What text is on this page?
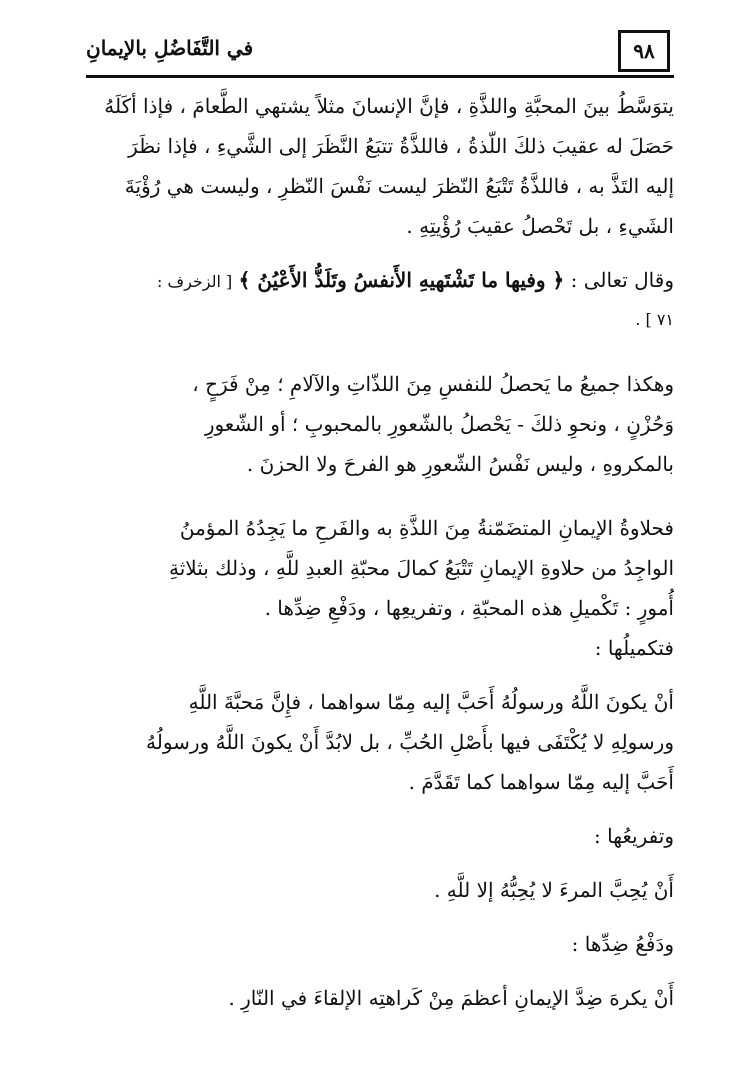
٩٨
في التَّفَاضُلِ بالإيمانِ
يتوَسَّطُ بينَ المحبَّةِ واللذَّةِ ، فإنَّ الإنسانَ مثلاً يشتهي الطَّعامَ ، فإذا أكَلَهُ
حَصَلَ له عقيبَ ذلكَ اللّذةُ ، فاللذَّةُ تتبَعُ النَّظَرَ إلى الشَّيءِ ، فإذا نظَرَ
إليه التَذَّ به ، فاللذَّةُ تَتْبَعُ النّظرَ ليست نَفْسَ النّظرِ ، وليست هي رُؤْيَةَ
الشَيءِ ، بل تَحْصلُ عقيبَ رُؤْيتِهِ .
وقال تعالى : ﴿ وفيها ما تَشْتَهيهِ الأَنفسُ وتَلَذُّ الأَعْيُنُ ﴾ [ الزخرف :
٧١ ] .
وهكذا جميعُ ما يَحصلُ للنفسِ مِنَ اللذّاتِ والآلامِ ؛ مِنْ فَرَحٍ ،
وَحُزْنٍ ، ونحوِ ذلكَ - يَحْصلُ بالشّعورِ بالمحبوبِ ؛ أو الشّعورِ
بالمكروهِ ، وليس نَفْسُ الشّعورِ هو الفرحَ ولا الحزنَ .
فحلاوةُ الإيمانِ المتضَمّنةُ مِنَ اللذَّةِ به والفَرحِ ما يَجِدُهُ المؤمنُ
الواجِدُ من حلاوةِ الإيمانِ تَتْبَعُ كمالَ محبّةِ العبدِ للَّهِ ، وذلك بثلاثةِ
أُمورٍ : تَكْميلِ هذه المحبّةِ ، وتفريعِها ، ودَفْعِ ضِدِّها .
فتكميلُها :
أنْ يكونَ اللَّهُ ورسولُهُ أَحَبَّ إليه مِمّا سواهما ، فإِنَّ مَحبَّةَ اللَّهِ
ورسولِهِ لا يُكْتَفَى فيها بأَصْلِ الحُبِّ ، بل لابُدَّ أَنْ يكونَ اللَّهُ ورسولُهُ
أَحَبَّ إليه مِمّا سواهما كما تَقَدَّمَ .
وتفريعُها :
أَنْ يُحِبَّ المرءَ لا يُحِبُّهُ إلا للَّهِ .
ودَفْعُ ضِدِّها :
أَنْ يكرهَ ضِدَّ الإيمانِ أعظمَ مِنْ كَراهتِه الإلقاءَ في النّارِ .
